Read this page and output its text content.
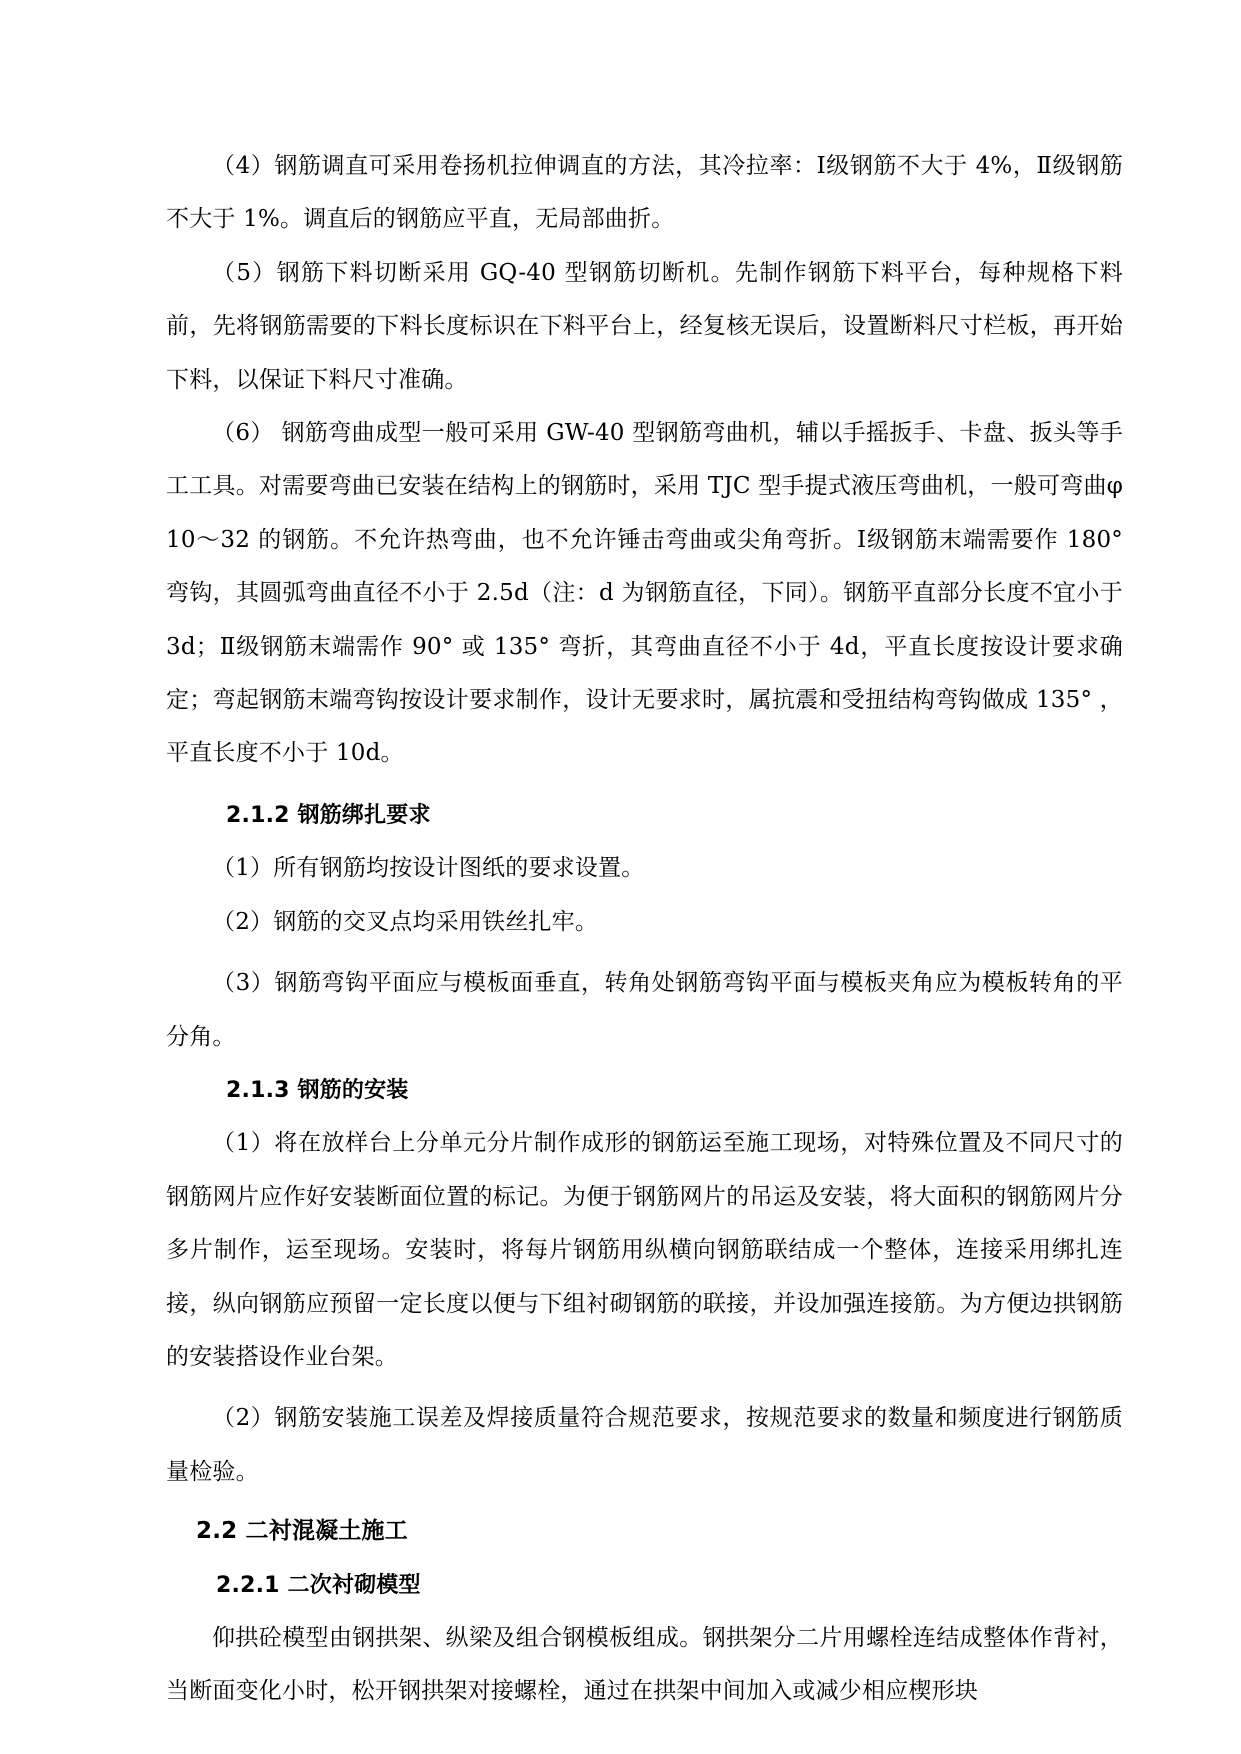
（4）钢筋调直可采用卷扬机拉伸调直的方法，其冷拉率：Ⅰ级钢筋不大于 4%，Ⅱ级钢筋不大于 1%。调直后的钢筋应平直，无局部曲折。

（5）钢筋下料切断采用 GQ-40 型钢筋切断机。先制作钢筋下料平台，每种规格下料前，先将钢筋需要的下料长度标识在下料平台上，经复核无误后，设置断料尺寸栏板，再开始下料，以保证下料尺寸准确。

（6） 钢筋弯曲成型一般可采用 GW-40 型钢筋弯曲机，辅以手摇扳手、卡盘、扳头等手工工具。对需要弯曲已安装在结构上的钢筋时，采用 TJC 型手提式液压弯曲机，一般可弯曲φ10～32 的钢筋。不允许热弯曲，也不允许锤击弯曲或尖角弯折。Ⅰ级钢筋末端需要作 180° 弯钩，其圆弧弯曲直径不小于 2.5d（注：d 为钢筋直径，下同）。钢筋平直部分长度不宜小于 3d；Ⅱ级钢筋末端需作 90° 或 135° 弯折，其弯曲直径不小于 4d，平直长度按设计要求确定；弯起钢筋末端弯钩按设计要求制作，设计无要求时，属抗震和受扭结构弯钩做成 135° ，平直长度不小于 10d。

2.1.2 钢筋绑扎要求

（1）所有钢筋均按设计图纸的要求设置。

（2）钢筋的交叉点均采用铁丝扎牢。

（3）钢筋弯钩平面应与模板面垂直，转角处钢筋弯钩平面与模板夹角应为模板转角的平分角。

2.1.3 钢筋的安装

（1）将在放样台上分单元分片制作成形的钢筋运至施工现场，对特殊位置及不同尺寸的钢筋网片应作好安装断面位置的标记。为便于钢筋网片的吊运及安装，将大面积的钢筋网片分多片制作，运至现场。安装时，将每片钢筋用纵横向钢筋联结成一个整体，连接采用绑扎连接，纵向钢筋应预留一定长度以便与下组衬砌钢筋的联接，并设加强连接筋。为方便边拱钢筋的安装搭设作业台架。

（2）钢筋安装施工误差及焊接质量符合规范要求，按规范要求的数量和频度进行钢筋质量检验。

2.2 二衬混凝土施工

2.2.1 二次衬砌模型

仰拱砼模型由钢拱架、纵梁及组合钢模板组成。钢拱架分二片用螺栓连结成整体作背衬，当断面变化小时，松开钢拱架对接螺栓，通过在拱架中间加入或减少相应楔形块
